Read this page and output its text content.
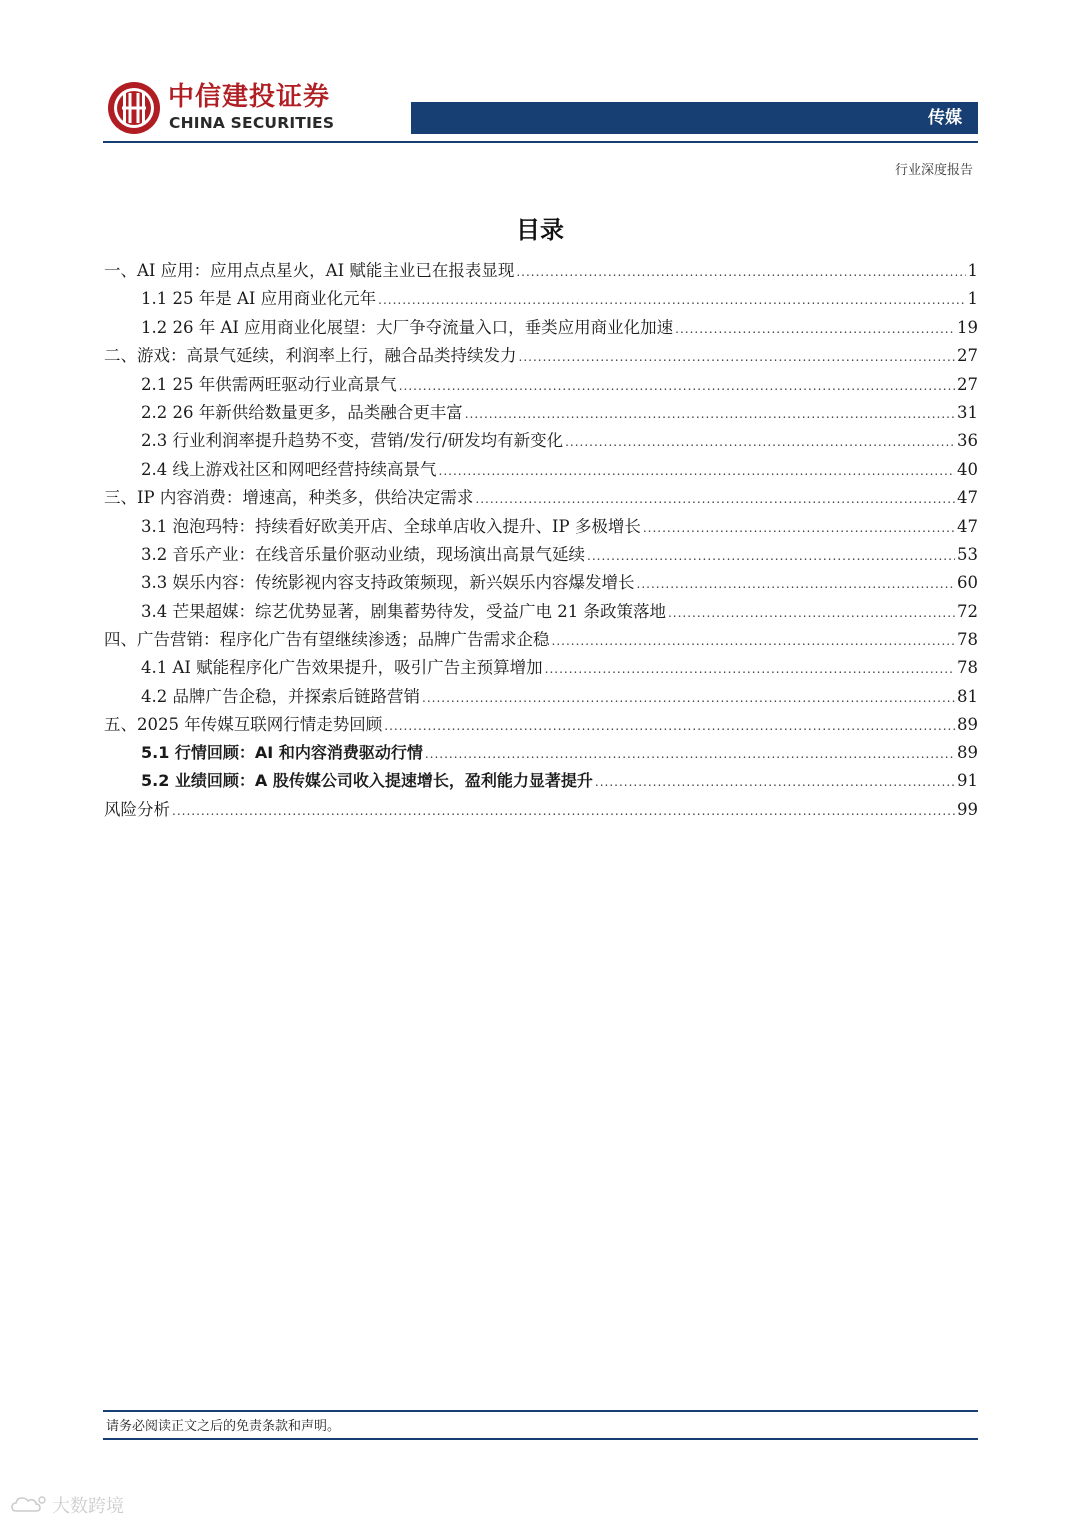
中信建投证券
CHINA SECURITIES	传媒
行业深度报告
目录
一、AI 应用：应用点点星火，AI 赋能主业已在报表显现 .....	1
1.1 25 年是 AI 应用商业化元年 .....	1
1.2 26 年 AI 应用商业化展望：大厂争夺流量入口，垂类应用商业化加速 .....	19
二、游戏：高景气延续，利润率上行，融合品类持续发力 .....	27
2.1 25 年供需两旺驱动行业高景气 .....	27
2.2 26 年新供给数量更多，品类融合更丰富 .....	31
2.3 行业利润率提升趋势不变，营销/发行/研发均有新变化 .....	36
2.4 线上游戏社区和网吧经营持续高景气 .....	40
三、IP 内容消费：增速高，种类多，供给决定需求 .....	47
3.1 泡泡玛特：持续看好欧美开店、全球单店收入提升、IP 多极增长 .....	47
3.2 音乐产业：在线音乐量价驱动业绩，现场演出高景气延续 .....	53
3.3 娱乐内容：传统影视内容支持政策频现，新兴娱乐内容爆发增长 .....	60
3.4 芒果超媒：综艺优势显著，剧集蓄势待发，受益广电 21 条政策落地 .....	72
四、广告营销：程序化广告有望继续渗透；品牌广告需求企稳 .....	78
4.1 AI 赋能程序化广告效果提升，吸引广告主预算增加 .....	78
4.2 品牌广告企稳，并探索后链路营销 .....	81
五、2025 年传媒互联网行情走势回顾 .....	89
5.1 行情回顾：AI 和内容消费驱动行情 .....	89
5.2 业绩回顾：A 股传媒公司收入提速增长，盈利能力显著提升 .....	91
风险分析 .....	99
请务必阅读正文之后的免责条款和声明。
大数跨境
